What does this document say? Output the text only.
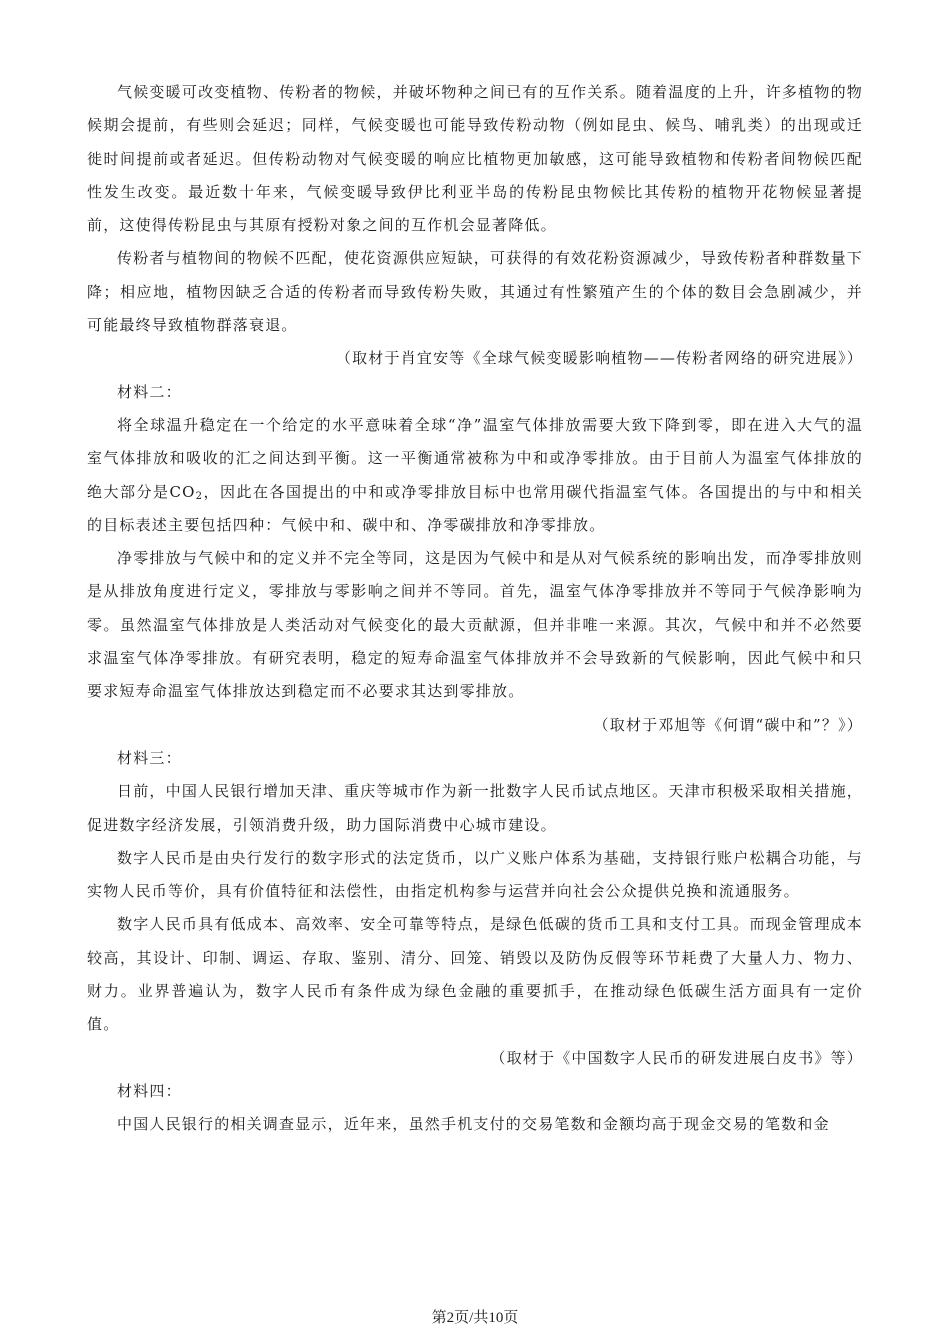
气候变暖可改变植物、传粉者的物候，并破坏物种之间已有的互作关系。随着温度的上升，许多植物的物候期会提前，有些则会延迟；同样，气候变暖也可能导致传粉动物（例如昆虫、候鸟、哺乳类）的出现或迁徙时间提前或者延迟。但传粉动物对气候变暖的响应比植物更加敏感，这可能导致植物和传粉者间物候匹配性发生改变。最近数十年来，气候变暖导致伊比利亚半岛的传粉昆虫物候比其传粉的植物开花物候显著提前，这使得传粉昆虫与其原有授粉对象之间的互作机会显著降低。

传粉者与植物间的物候不匹配，使花资源供应短缺，可获得的有效花粉资源减少，导致传粉者种群数量下降；相应地，植物因缺乏合适的传粉者而导致传粉失败，其通过有性繁殖产生的个体的数目会急剧减少，并可能最终导致植物群落衰退。

（取材于肖宜安等《全球气候变暖影响植物——传粉者网络的研究进展》）

材料二：

将全球温升稳定在一个给定的水平意味着全球“净”温室气体排放需要大致下降到零，即在进入大气的温室气体排放和吸收的汇之间达到平衡。这一平衡通常被称为中和或净零排放。由于目前人为温室气体排放的绝大部分是$CO_2$，因此在各国提出的中和或净零排放目标中也常用碳代指温室气体。各国提出的与中和相关的目标表述主要包括四种：气候中和、碳中和、净零碳排放和净零排放。

净零排放与气候中和的定义并不完全等同，这是因为气候中和是从对气候系统的影响出发，而净零排放则是从排放角度进行定义，零排放与零影响之间并不等同。首先，温室气体净零排放并不等同于气候净影响为零。虽然温室气体排放是人类活动对气候变化的最大贡献源，但并非唯一来源。其次，气候中和并不必然要求温室气体净零排放。有研究表明，稳定的短寿命温室气体排放并不会导致新的气候影响，因此气候中和只要求短寿命温室气体排放达到稳定而不必要求其达到零排放。

（取材于邓旭等《何谓“碳中和”？》）

材料三：

日前，中国人民银行增加天津、重庆等城市作为新一批数字人民币试点地区。天津市积极采取相关措施，促进数字经济发展，引领消费升级，助力国际消费中心城市建设。

数字人民币是由央行发行的数字形式的法定货币，以广义账户体系为基础，支持银行账户松耦合功能，与实物人民币等价，具有价值特征和法偿性，由指定机构参与运营并向社会公众提供兑换和流通服务。

数字人民币具有低成本、高效率、安全可靠等特点，是绿色低碳的货币工具和支付工具。而现金管理成本较高，其设计、印制、调运、存取、鉴别、清分、回笼、销毁以及防伪反假等环节耗费了大量人力、物力、财力。业界普遍认为，数字人民币有条件成为绿色金融的重要抓手，在推动绿色低碳生活方面具有一定价值。

（取材于《中国数字人民币的研发进展白皮书》等）

材料四：

中国人民银行的相关调查显示，近年来，虽然手机支付的交易笔数和金额均高于现金交易的笔数和金

第2页/共10页
